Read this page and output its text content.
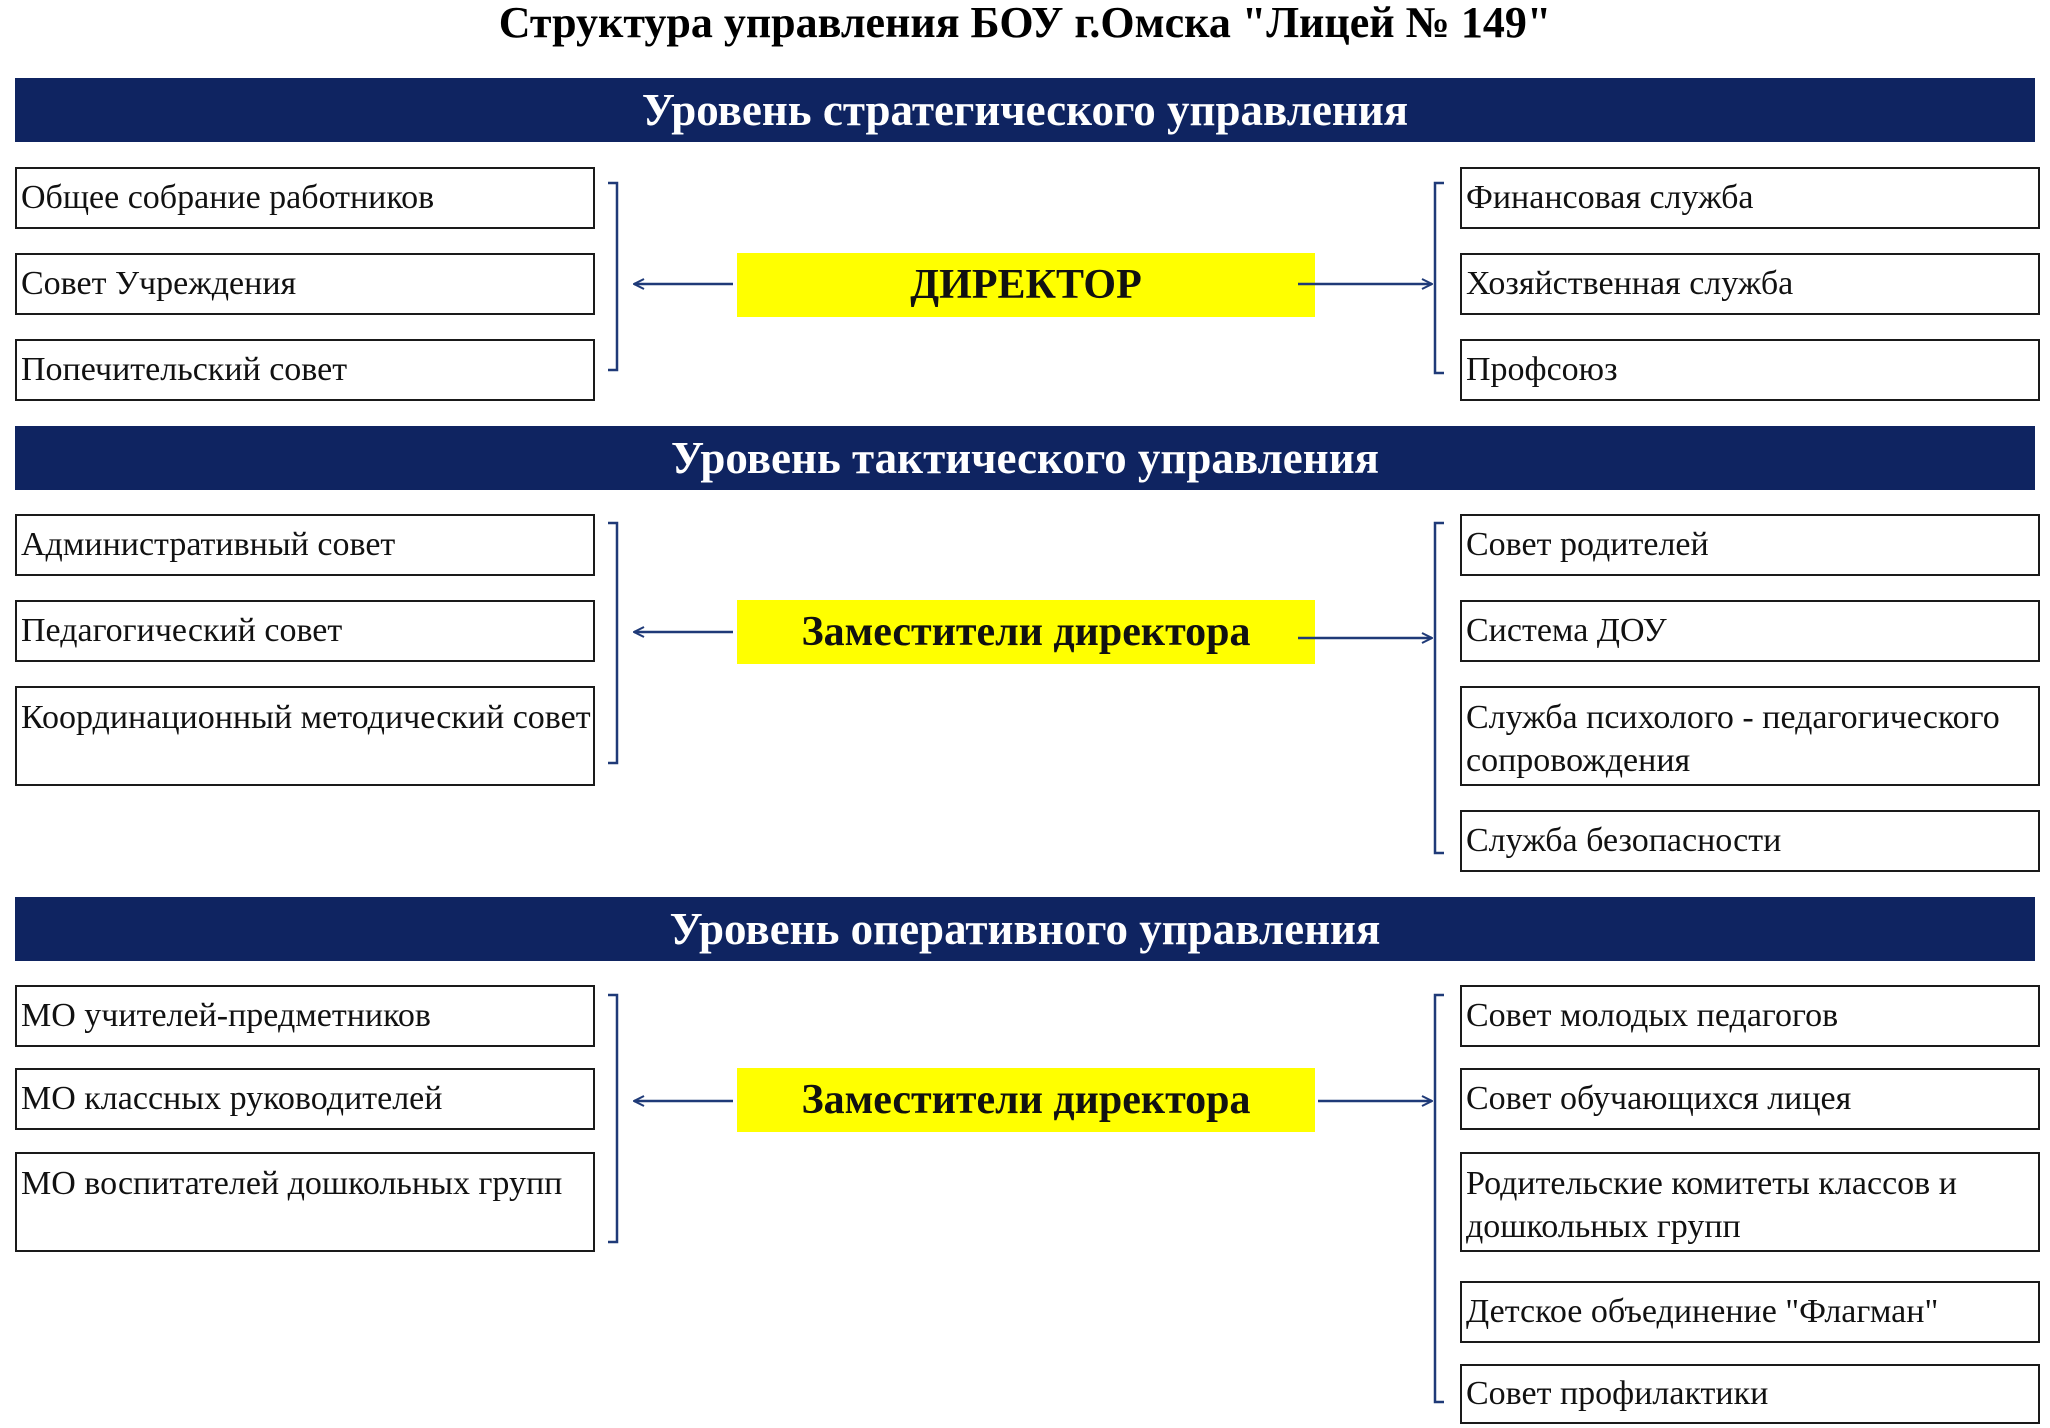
Структура управления БОУ г.Омска "Лицей № 149"
Уровень стратегического управления
Общее собрание работников
Совет Учреждения
Попечительский совет
ДИРЕКТОР
Финансовая служба
Хозяйственная служба
Профсоюз
Уровень тактического управления
Административный совет
Педагогический совет
Координационный методический совет
Заместители директора
Совет родителей
Система ДОУ
Служба психолого - педагогического сопровождения
Служба безопасности
Уровень оперативного управления
МО учителей-предметников
МО классных руководителей
МО воспитателей дошкольных групп
Заместители директора
Совет молодых педагогов
Совет обучающихся лицея
Родительские комитеты классов и дошкольных групп
Детское объединение "Флагман"
Совет профилактики
